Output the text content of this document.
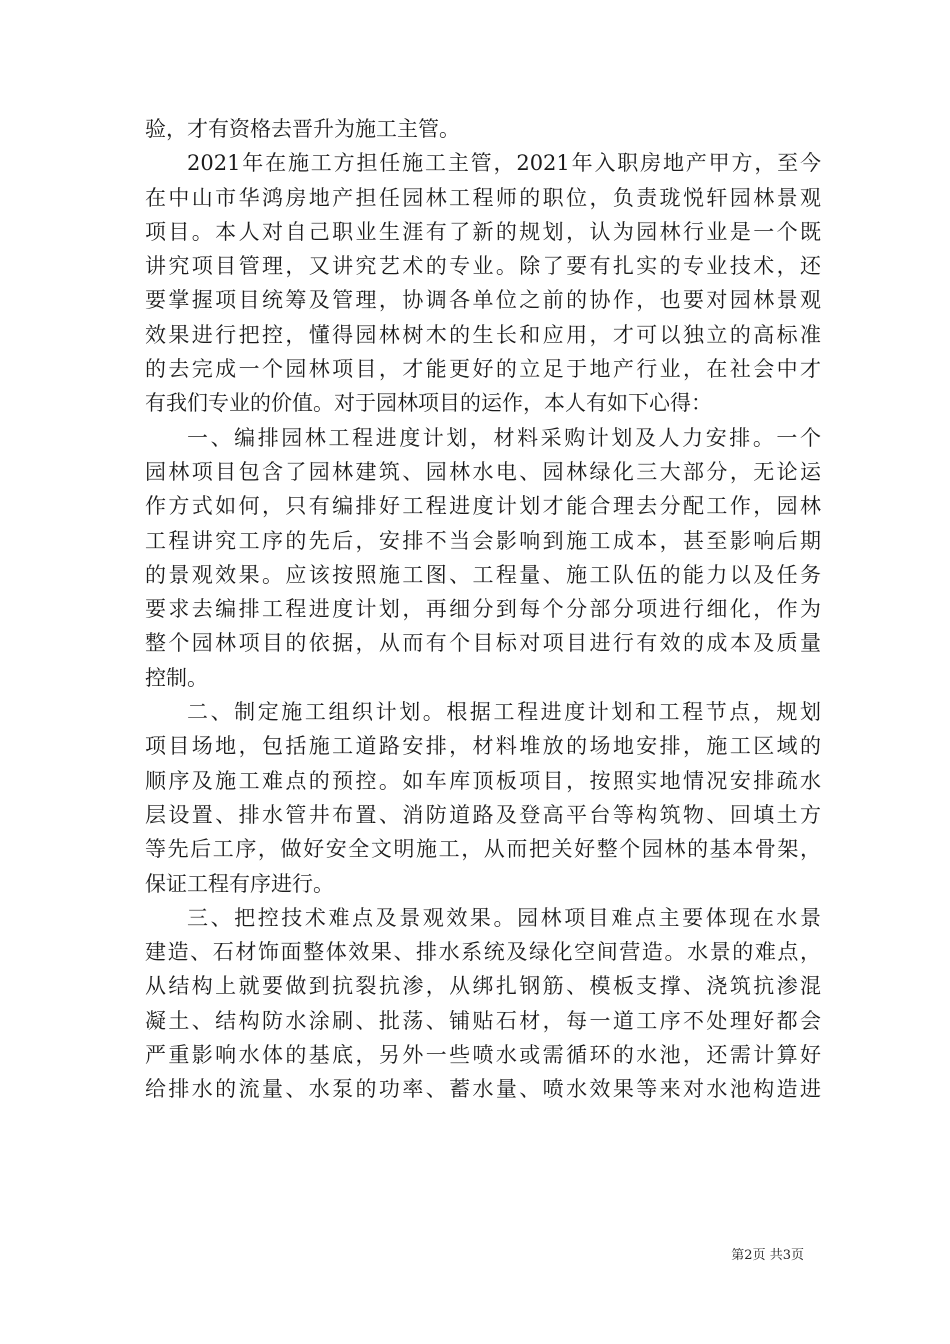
验，才有资格去晋升为施工主管。
2021年在施工方担任施工主管，2021年入职房地产甲方，至今
在中山市华鸿房地产担任园林工程师的职位，负责珑悦轩园林景观
项目。本人对自己职业生涯有了新的规划，认为园林行业是一个既
讲究项目管理，又讲究艺术的专业。除了要有扎实的专业技术，还
要掌握项目统筹及管理，协调各单位之前的协作，也要对园林景观
效果进行把控，懂得园林树木的生长和应用，才可以独立的高标准
的去完成一个园林项目，才能更好的立足于地产行业，在社会中才
有我们专业的价值。对于园林项目的运作，本人有如下心得：
一、编排园林工程进度计划，材料采购计划及人力安排。一个
园林项目包含了园林建筑、园林水电、园林绿化三大部分，无论运
作方式如何，只有编排好工程进度计划才能合理去分配工作，园林
工程讲究工序的先后，安排不当会影响到施工成本，甚至影响后期
的景观效果。应该按照施工图、工程量、施工队伍的能力以及任务
要求去编排工程进度计划，再细分到每个分部分项进行细化，作为
整个园林项目的依据，从而有个目标对项目进行有效的成本及质量
控制。
二、制定施工组织计划。根据工程进度计划和工程节点，规划
项目场地，包括施工道路安排，材料堆放的场地安排，施工区域的
顺序及施工难点的预控。如车库顶板项目，按照实地情况安排疏水
层设置、排水管井布置、消防道路及登高平台等构筑物、回填土方
等先后工序，做好安全文明施工，从而把关好整个园林的基本骨架，
保证工程有序进行。
三、把控技术难点及景观效果。园林项目难点主要体现在水景
建造、石材饰面整体效果、排水系统及绿化空间营造。水景的难点，
从结构上就要做到抗裂抗渗，从绑扎钢筋、模板支撑、浇筑抗渗混
凝土、结构防水涂刷、批荡、铺贴石材，每一道工序不处理好都会
严重影响水体的基底，另外一些喷水或需循环的水池，还需计算好
给排水的流量、水泵的功率、蓄水量、喷水效果等来对水池构造进
第2页 共3页
